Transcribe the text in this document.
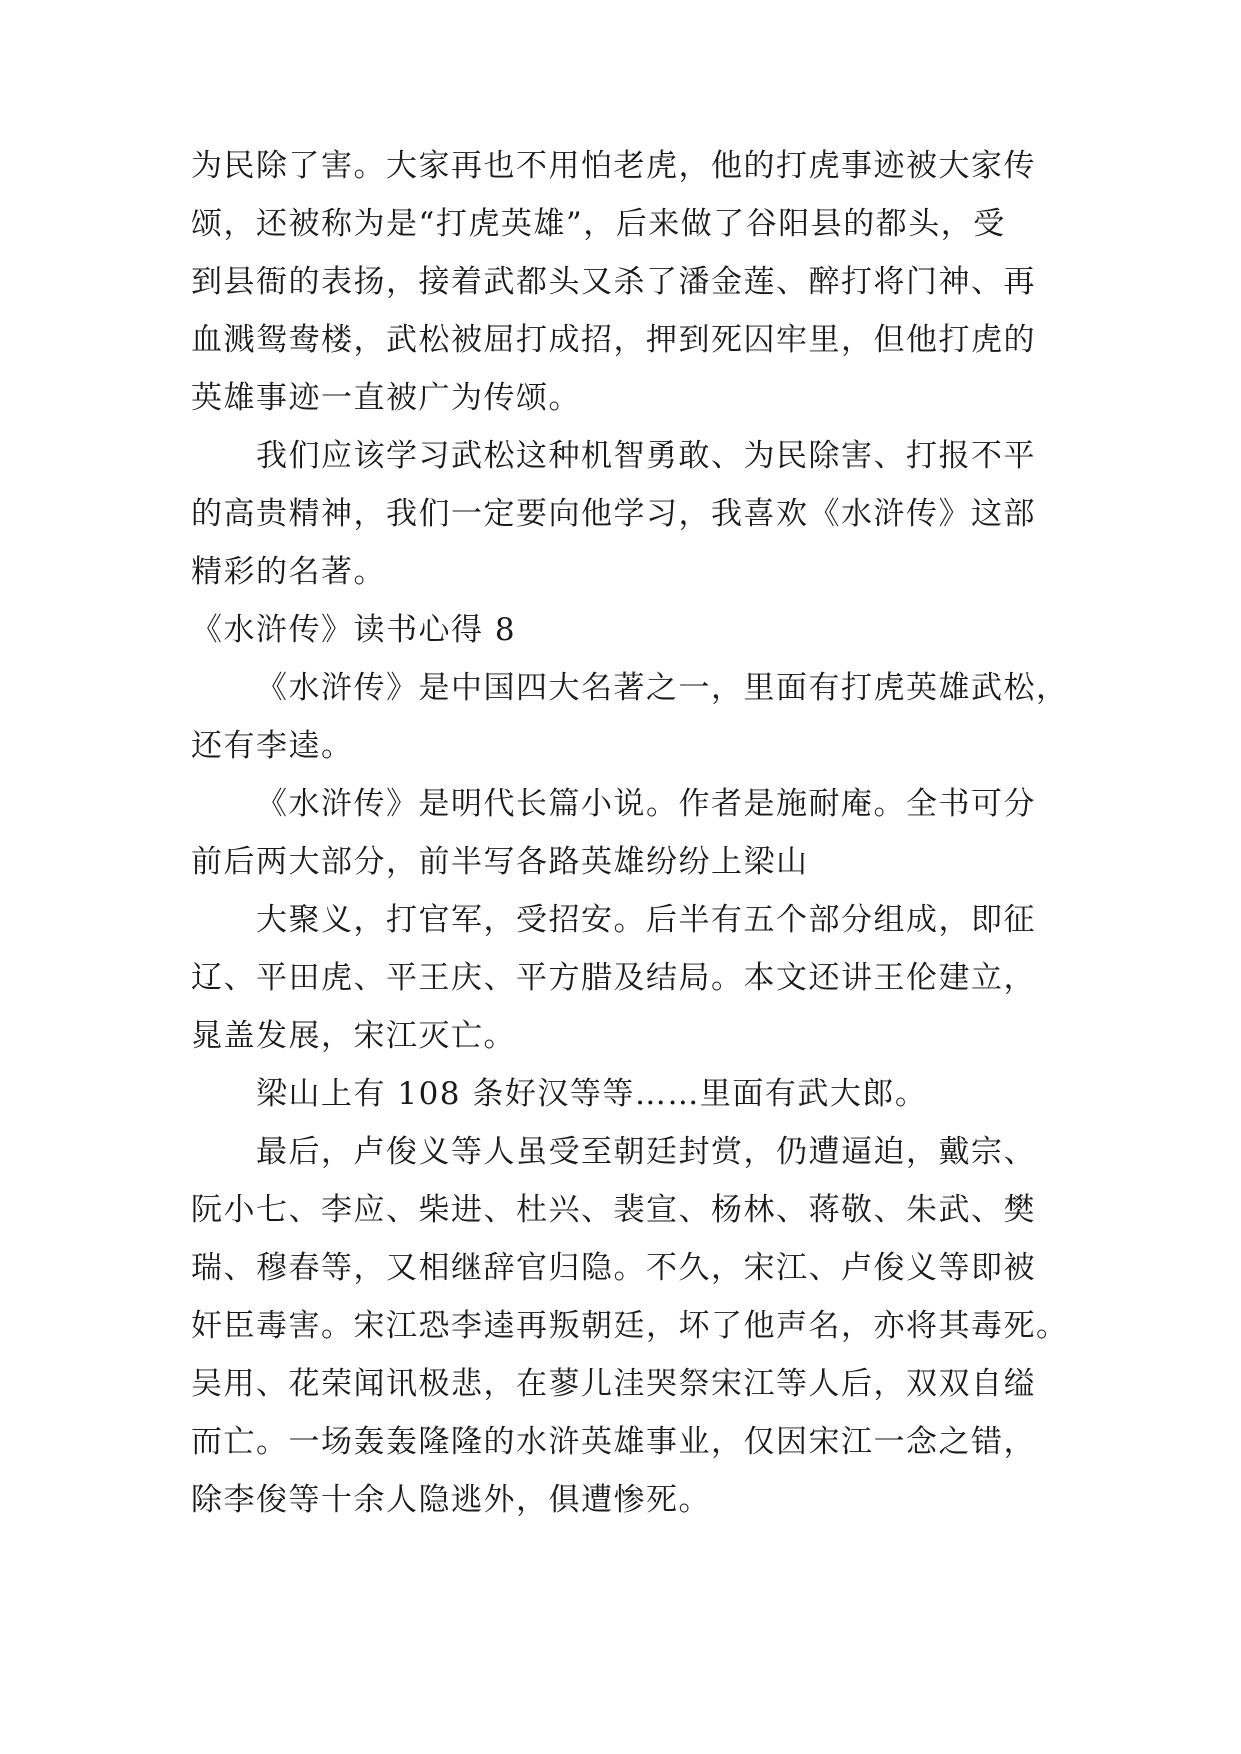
为民除了害。大家再也不用怕老虎，他的打虎事迹被大家传
颂，还被称为是“打虎英雄”，后来做了谷阳县的都头，受
到县衙的表扬，接着武都头又杀了潘金莲、醉打将门神、再
血溅鸳鸯楼，武松被屈打成招，押到死囚牢里，但他打虎的
英雄事迹一直被广为传颂。
我们应该学习武松这种机智勇敢、为民除害、打报不平
的高贵精神，我们一定要向他学习，我喜欢《水浒传》这部
精彩的名著。
《水浒传》读书心得 8
《水浒传》是中国四大名著之一，里面有打虎英雄武松，
还有李逵。
《水浒传》是明代长篇小说。作者是施耐庵。全书可分
前后两大部分，前半写各路英雄纷纷上梁山
大聚义，打官军，受招安。后半有五个部分组成，即征
辽、平田虎、平王庆、平方腊及结局。本文还讲王伦建立，
晁盖发展，宋江灭亡。
梁山上有 108 条好汉等等……里面有武大郎。
最后，卢俊义等人虽受至朝廷封赏，仍遭逼迫，戴宗、
阮小七、李应、柴进、杜兴、裴宣、杨林、蒋敬、朱武、樊
瑞、穆春等，又相继辞官归隐。不久，宋江、卢俊义等即被
奸臣毒害。宋江恐李逵再叛朝廷，坏了他声名，亦将其毒死。
吴用、花荣闻讯极悲，在蓼儿洼哭祭宋江等人后，双双自缢
而亡。一场轰轰隆隆的水浒英雄事业，仅因宋江一念之错，
除李俊等十余人隐逃外，俱遭惨死。
